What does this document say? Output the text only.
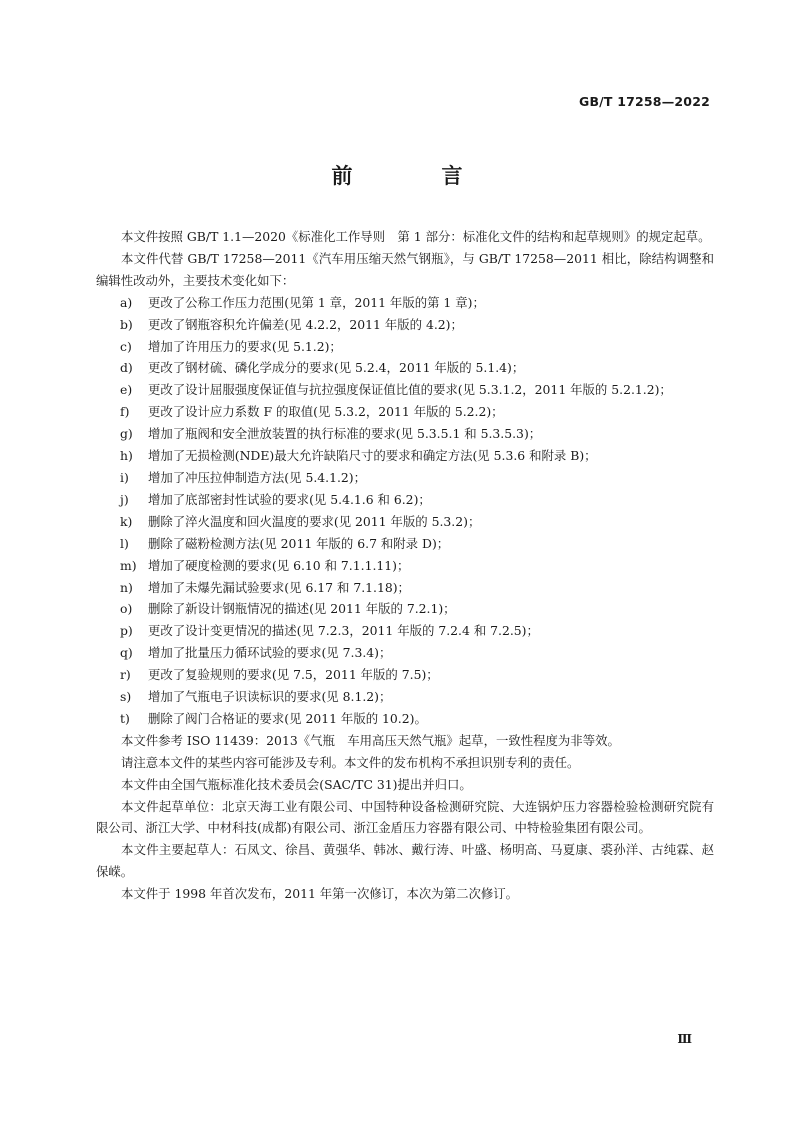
GB/T 17258—2022
前　言

本文件按照 GB/T 1.1—2020《标准化工作导则　第 1 部分：标准化文件的结构和起草规则》的规定起草。

本文件代替 GB/T 17258—2011《汽车用压缩天然气钢瓶》，与 GB/T 17258—2011 相比，除结构调整和编辑性改动外，主要技术变化如下：

a)	更改了公称工作压力范围(见第 1 章，2011 年版的第 1 章)；
b)	更改了钢瓶容积允许偏差(见 4.2.2，2011 年版的 4.2)；
c)	增加了许用压力的要求(见 5.1.2)；
d)	更改了钢材硫、磷化学成分的要求(见 5.2.4，2011 年版的 5.1.4)；
e)	更改了设计屈服强度保证值与抗拉强度保证值比值的要求(见 5.3.1.2，2011 年版的 5.2.1.2)；
f)	更改了设计应力系数 F 的取值(见 5.3.2，2011 年版的 5.2.2)；
g)	增加了瓶阀和安全泄放装置的执行标准的要求(见 5.3.5.1 和 5.3.5.3)；
h)	增加了无损检测(NDE)最大允许缺陷尺寸的要求和确定方法(见 5.3.6 和附录 B)；
i)	增加了冲压拉伸制造方法(见 5.4.1.2)；
j)	增加了底部密封性试验的要求(见 5.4.1.6 和 6.2)；
k)	删除了淬火温度和回火温度的要求(见 2011 年版的 5.3.2)；
l)	删除了磁粉检测方法(见 2011 年版的 6.7 和附录 D)；
m) 增加了硬度检测的要求(见 6.10 和 7.1.1.11)；
n)	增加了未爆先漏试验要求(见 6.17 和 7.1.18)；
o)	删除了新设计钢瓶情况的描述(见 2011 年版的 7.2.1)；
p)	更改了设计变更情况的描述(见 7.2.3，2011 年版的 7.2.4 和 7.2.5)；
q)	增加了批量压力循环试验的要求(见 7.3.4)；
r)	更改了复验规则的要求(见 7.5，2011 年版的 7.5)；
s)	增加了气瓶电子识读标识的要求(见 8.1.2)；
t)	删除了阀门合格证的要求(见 2011 年版的 10.2)。

本文件参考 ISO 11439：2013《气瓶　车用高压天然气瓶》起草，一致性程度为非等效。

请注意本文件的某些内容可能涉及专利。本文件的发布机构不承担识别专利的责任。

本文件由全国气瓶标准化技术委员会(SAC/TC 31)提出并归口。

本文件起草单位：北京天海工业有限公司、中国特种设备检测研究院、大连锅炉压力容器检验检测研究院有限公司、浙江大学、中材科技(成都)有限公司、浙江金盾压力容器有限公司、中特检验集团有限公司。

本文件主要起草人：石凤文、徐昌、黄强华、韩冰、戴行涛、叶盛、杨明高、马夏康、裘孙洋、古纯霖、赵保嵘。

本文件于 1998 年首次发布，2011 年第一次修订，本次为第二次修订。

Ⅲ
